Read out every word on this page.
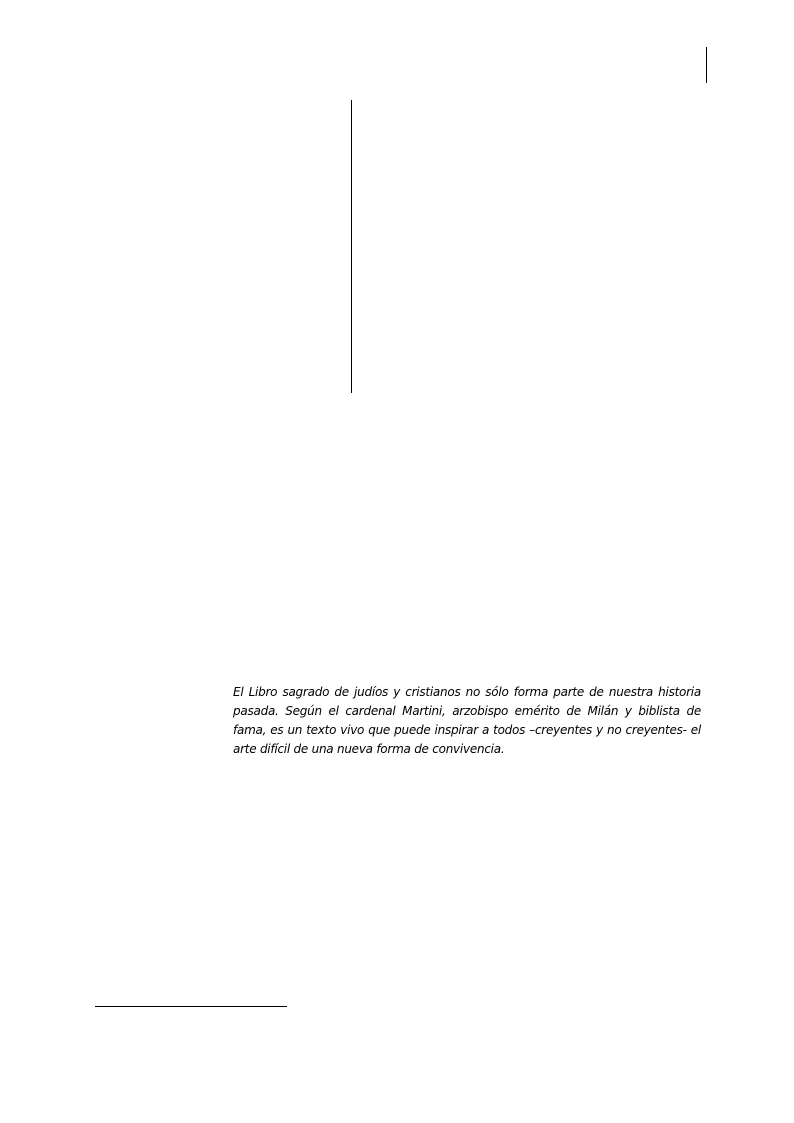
El Libro sagrado de judíos y cristianos no sólo forma parte de nuestra historia pasada. Según el cardenal Martini, arzobispo emérito de Milán y biblista de fama, es un texto vivo que puede inspirar a todos –creyentes y no creyentes- el arte difícil de una nueva forma de convivencia.
